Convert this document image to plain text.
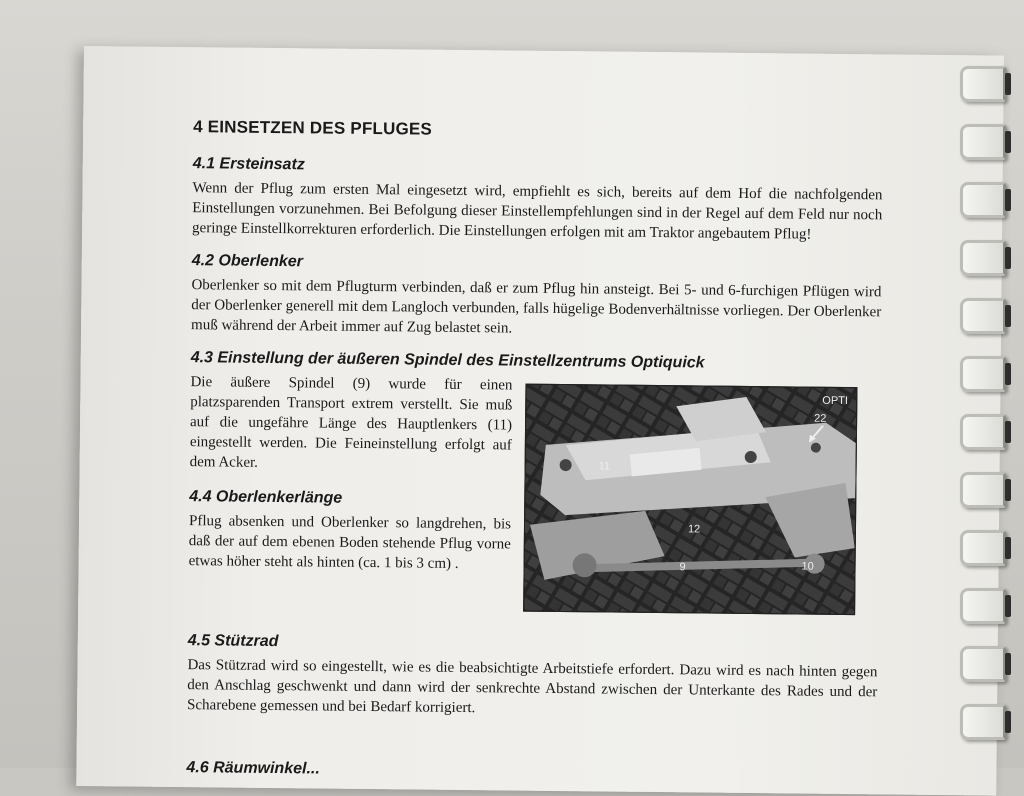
4 EINSETZEN DES PFLUGES
4.1 Ersteinsatz
Wenn der Pflug zum ersten Mal eingesetzt wird, empfiehlt es sich, bereits auf dem Hof die nachfolgenden Einstellungen vorzunehmen. Bei Befolgung dieser Einstellempfehlungen sind in der Regel auf dem Feld nur noch geringe Einstellkorrekturen erforderlich. Die Einstellungen erfolgen mit am Traktor angebautem Pflug!
4.2 Oberlenker
Oberlenker so mit dem Pflugturm verbinden, daß er zum Pflug hin ansteigt. Bei 5- und 6-furchigen Pflügen wird der Oberlenker generell mit dem Langloch verbunden, falls hügelige Bodenverhältnisse vorliegen. Der Oberlenker muß während der Arbeit immer auf Zug belastet sein.
4.3 Einstellung der äußeren Spindel des Einstellzentrums Optiquick
Die äußere Spindel (9) wurde für einen platzsparenden Transport extrem verstellt. Sie muß auf die ungefähre Länge des Hauptlenkers (11) eingestellt werden. Die Feineinstellung erfolgt auf dem Acker.
4.4 Oberlenkerlänge
Pflug absenken und Oberlenker so langdrehen, bis daß der auf dem ebenen Boden stehende Pflug vorne etwas höher steht als hinten (ca. 1 bis 3 cm) .
OPTI
22
11
12
9	10
4.5 Stützrad
Das Stützrad wird so eingestellt, wie es die beabsichtigte Arbeitstiefe erfordert. Dazu wird es nach hinten gegen den Anschlag geschwenkt und dann wird der senkrechte Abstand zwischen der Unterkante des Rades und der Scharebene gemessen und bei Bedarf korrigiert.
4.6 Räumwinkel...
